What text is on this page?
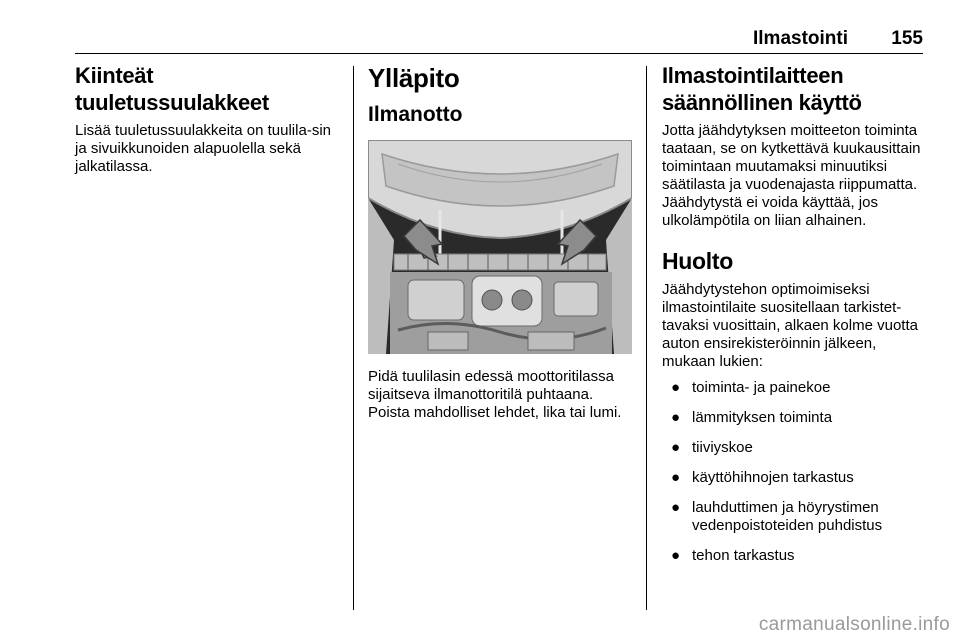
Ilmastointi 155
Kiinteät tuuletussuulakkeet

Lisää tuuletussuulakkeita on tuulila-sin ja sivuikkunoiden alapuolella sekä jalkatilassa.

Ylläpito
Ilmanotto

Pidä tuulilasin edessä moottoritilassa sijaitseva ilmanottoritilä puhtaana. Poista mahdolliset lehdet, lika tai lumi.

Ilmastointilaitteen säännöllinen käyttö

Jotta jäähdytyksen moitteeton toiminta taataan, se on kytkettävä kuukausittain toimintaan muutamaksi minuutiksi säätilasta ja vuodenajasta riippumatta. Jäähdytystä ei voida käyttää, jos ulkolämpötila on liian alhainen.

Huolto

Jäähdytystehon optimoimiseksi ilmastointilaite suositellaan tarkistet-tavaksi vuosittain, alkaen kolme vuotta auton ensirekisteröinnin jälkeen, mukaan lukien:

● toiminta- ja painekoe
● lämmityksen toiminta
● tiiviyskoe
● käyttöhihnojen tarkastus
● lauhduttimen ja höyrystimen vedenpoistoteiden puhdistus
● tehon tarkastus
carmanualsonline.info
